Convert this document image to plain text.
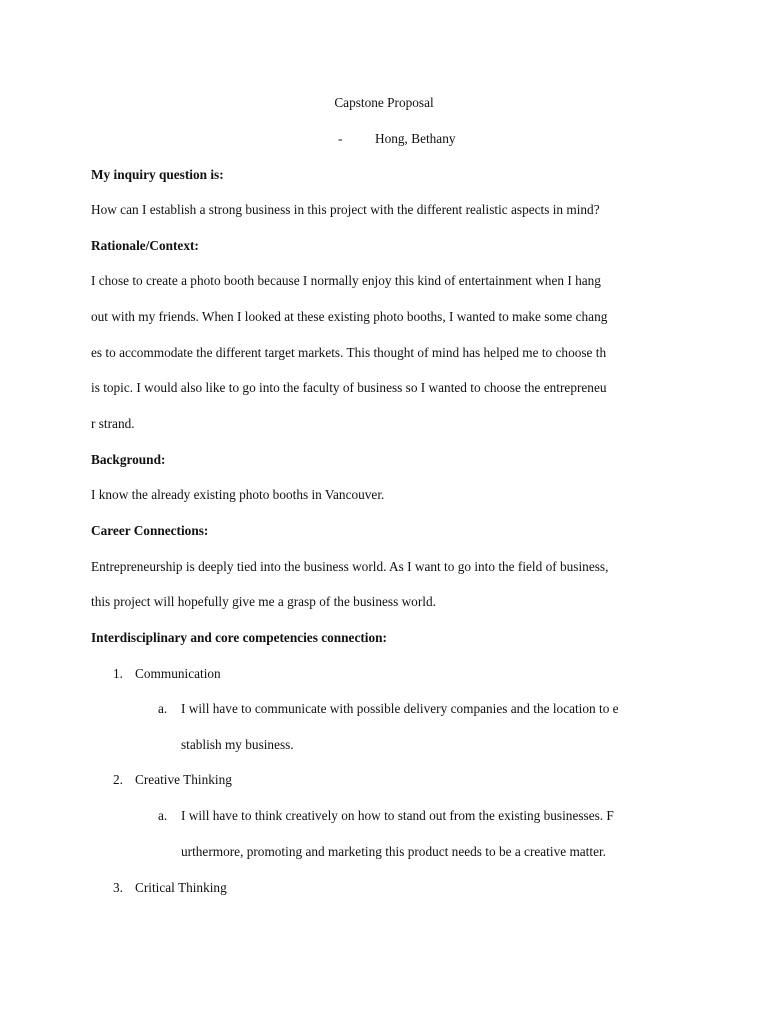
Capstone Proposal
- Hong, Bethany
My inquiry question is:
How can I establish a strong business in this project with the different realistic aspects in mind?
Rationale/Context:
I chose to create a photo booth because I normally enjoy this kind of entertainment when I hang
out with my friends. When I looked at these existing photo booths, I wanted to make some chang
es to accommodate the different target markets. This thought of mind has helped me to choose th
is topic. I would also like to go into the faculty of business so I wanted to choose the entrepreneu
r strand.
Background:
I know the already existing photo booths in Vancouver.
Career Connections:
Entrepreneurship is deeply tied into the business world. As I want to go into the field of business,
this project will hopefully give me a grasp of the business world.
Interdisciplinary and core competencies connection:
1. Communication
a. I will have to communicate with possible delivery companies and the location to e
stablish my business.
2. Creative Thinking
a. I will have to think creatively on how to stand out from the existing businesses. F
urthermore, promoting and marketing this product needs to be a creative matter.
3. Critical Thinking
